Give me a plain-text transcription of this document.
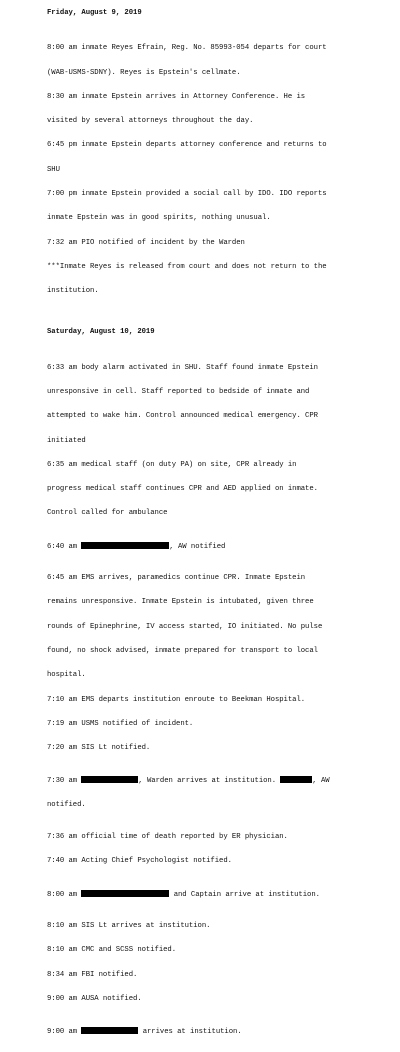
Friday, August 9, 2019

8:00 am inmate Reyes Efrain, Reg. No. 85993-054 departs for court

(WAB-USMS-SDNY). Reyes is Epstein's cellmate.

8:30 am inmate Epstein arrives in Attorney Conference. He is

visited by several attorneys throughout the day.

6:45 pm inmate Epstein departs attorney conference and returns to

SHU

7:00 pm inmate Epstein provided a social call by IDO. IDO reports

inmate Epstein was in good spirits, nothing unusual.

7:32 am PIO notified of incident by the Warden

***Inmate Reyes is released from court and does not return to the

institution.

Saturday, August 10, 2019

6:33 am body alarm activated in SHU. Staff found inmate Epstein

unresponsive in cell. Staff reported to bedside of inmate and

attempted to wake him. Control announced medical emergency. CPR

initiated

6:35 am medical staff (on duty PA) on site, CPR already in

progress medical staff continues CPR and AED applied on inmate.

Control called for ambulance

6:40 am	, AW notified

6:45 am EMS arrives, paramedics continue CPR. Inmate Epstein

remains unresponsive. Inmate Epstein is intubated, given three

rounds of Epinephrine, IV access started, IO initiated. No pulse

found, no shock advised, inmate prepared for transport to local

hospital.

7:10 am EMS departs institution enroute to Beekman Hospital.

7:19 am USMS notified of incident.

7:20 am SIS Lt notified.

7:30 am	, Warden arrives at institution.	, AW

notified.

7:36 am official time of death reported by ER physician.

7:40 am Acting Chief Psychologist notified.

8:00 am	and Captain arrive at institution.

8:10 am SIS Lt arrives at institution.

8:10 am CMC and SCSS notified.

8:34 am FBI notified.

9:00 am AUSA notified.

9:00 am	arrives at institution.
